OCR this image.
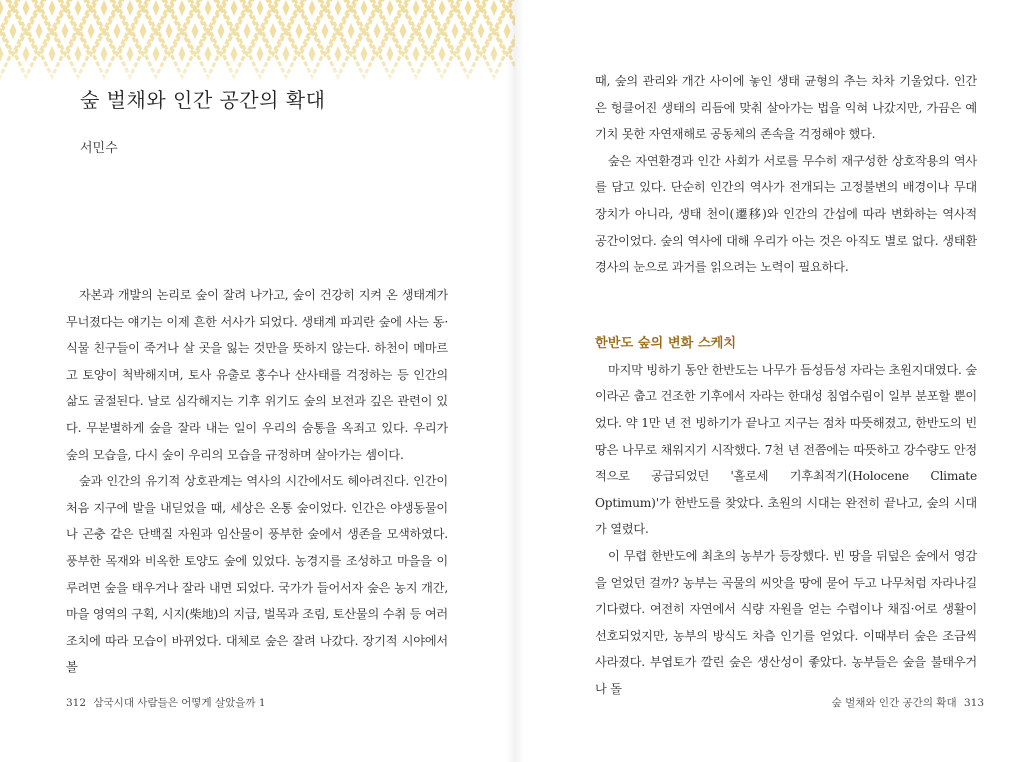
숲 벌채와 인간 공간의 확대

서민수

자본과 개발의 논리로 숲이 잘려 나가고, 숲이 건강히 지켜 온 생태계가 무너졌다는 얘기는 이제 흔한 서사가 되었다. 생태계 파괴란 숲에 사는 동·식물 친구들이 죽거나 살 곳을 잃는 것만을 뜻하지 않는다. 하천이 메마르고 토양이 척박해지며, 토사 유출로 홍수나 산사태를 걱정하는 등 인간의 삶도 굴절된다. 날로 심각해지는 기후 위기도 숲의 보전과 깊은 관련이 있다. 무분별하게 숲을 잘라 내는 일이 우리의 숨통을 옥죄고 있다. 우리가 숲의 모습을, 다시 숲이 우리의 모습을 규정하며 살아가는 셈이다.

숲과 인간의 유기적 상호관계는 역사의 시간에서도 헤아려진다. 인간이 처음 지구에 발을 내딛었을 때, 세상은 온통 숲이었다. 인간은 야생동물이나 곤충 같은 단백질 자원과 임산물이 풍부한 숲에서 생존을 모색하였다. 풍부한 목재와 비옥한 토양도 숲에 있었다. 농경지를 조성하고 마을을 이루려면 숲을 태우거나 잘라 내면 되었다. 국가가 들어서자 숲은 농지 개간, 마을 영역의 구획, 시지(柴地)의 지급, 벌목과 조림, 토산물의 수취 등 여러 조치에 따라 모습이 바뀌었다. 대체로 숲은 잘려 나갔다. 장기적 시야에서 볼

312 삼국시대 사람들은 어떻게 살았을까 1

때, 숲의 관리와 개간 사이에 놓인 생태 균형의 추는 차차 기울었다. 인간은 헝클어진 생태의 리듬에 맞춰 살아가는 법을 익혀 나갔지만, 가끔은 예기치 못한 자연재해로 공동체의 존속을 걱정해야 했다.

숲은 자연환경과 인간 사회가 서로를 무수히 재구성한 상호작용의 역사를 담고 있다. 단순히 인간의 역사가 전개되는 고정불변의 배경이나 무대 장치가 아니라, 생태 천이(遷移)와 인간의 간섭에 따라 변화하는 역사적 공간이었다. 숲의 역사에 대해 우리가 아는 것은 아직도 별로 없다. 생태환경사의 눈으로 과거를 읽으려는 노력이 필요하다.

한반도 숲의 변화 스케치

마지막 빙하기 동안 한반도는 나무가 듬성듬성 자라는 초원지대였다. 숲이라곤 춥고 건조한 기후에서 자라는 한대성 침엽수림이 일부 분포할 뿐이었다. 약 1만 년 전 빙하기가 끝나고 지구는 점차 따뜻해졌고, 한반도의 빈 땅은 나무로 채워지기 시작했다. 7천 년 전쯤에는 따뜻하고 강수량도 안정적으로 공급되었던 '홀로세 기후최적기(Holocene Climate Optimum)'가 한반도를 찾았다. 초원의 시대는 완전히 끝나고, 숲의 시대가 열렸다.

이 무렵 한반도에 최초의 농부가 등장했다. 빈 땅을 뒤덮은 숲에서 영감을 얻었던 걸까? 농부는 곡물의 씨앗을 땅에 묻어 두고 나무처럼 자라나길 기다렸다. 여전히 자연에서 식량 자원을 얻는 수렵이나 채집·어로 생활이 선호되었지만, 농부의 방식도 차츰 인기를 얻었다. 이때부터 숲은 조금씩 사라졌다. 부엽토가 깔린 숲은 생산성이 좋았다. 농부들은 숲을 불태우거나 돌

숲 벌채와 인간 공간의 확대 313
